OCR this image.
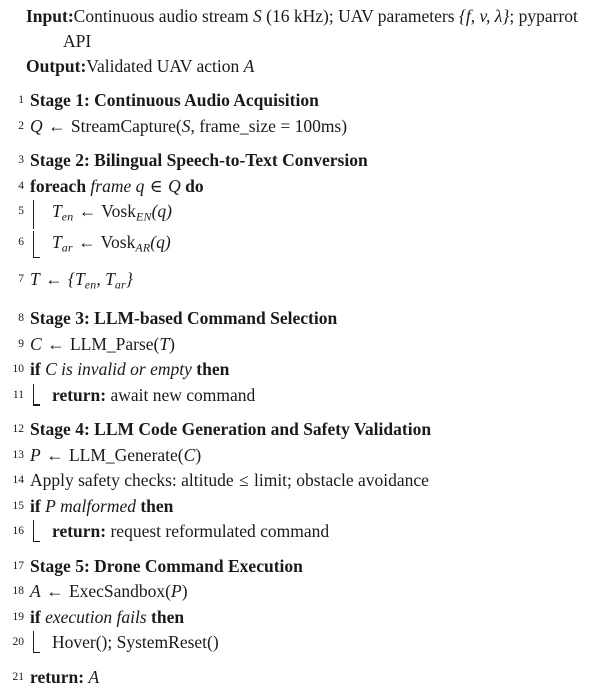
Input:Continuous audio stream S (16 kHz); UAV parameters {f, v, λ}; pyparrot
API
Output:Validated UAV action A
1 Stage 1: Continuous Audio Acquisition
2 Q ← StreamCapture(S, frame_size = 100ms)
3 Stage 2: Bilingual Speech-to-Text Conversion
4 foreach frame q ∈ Q do
5	$T_{en}$ ← Vosk$_{EN}$(q)
6	$T_{ar}$ ← Vosk$_{AR}$(q)
7 T ← {$T_{en}$, $T_{ar}$}
8 Stage 3: LLM-based Command Selection
9 C ← LLM_Parse(T)
10 if C is invalid or empty then
11	return: await new command
12 Stage 4: LLM Code Generation and Safety Validation
13 P ← LLM_Generate(C)
14 Apply safety checks: altitude ≤ limit; obstacle avoidance
15 if P malformed then
16	return: request reformulated command
17 Stage 5: Drone Command Execution
18 A ← ExecSandbox(P)
19 if execution fails then
20	Hover(); SystemReset()
21 return: A
